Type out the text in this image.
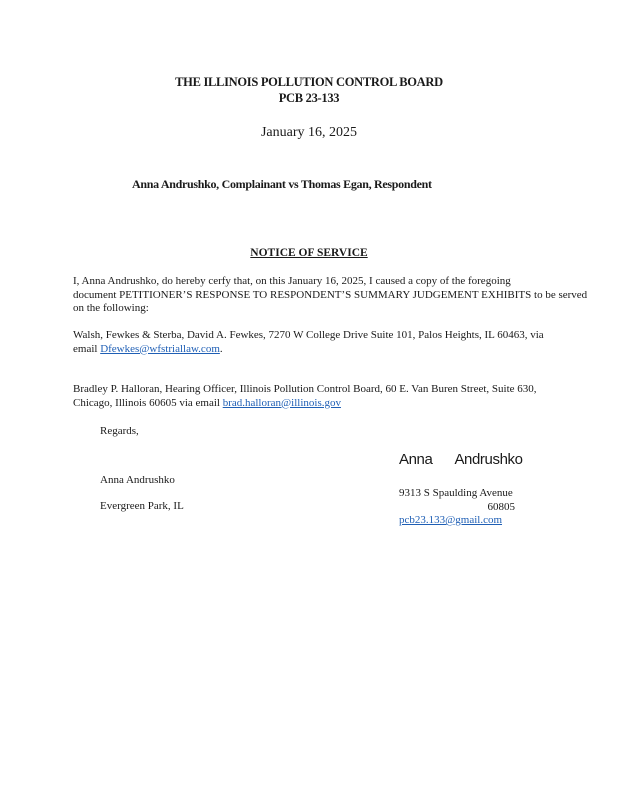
THE ILLINOIS POLLUTION CONTROL BOARD
PCB 23-133
January 16, 2025
Anna Andrushko, Complainant vs Thomas Egan, Respondent
NOTICE OF SERVICE
I, Anna Andrushko, do hereby cerfy that, on this January 16, 2025, I caused a copy of the foregoing
document PETITIONER’S RESPONSE TO RESPONDENT’S SUMMARY JUDGEMENT EXHIBITS to be served
on the following:
Walsh, Fewkes & Sterba, David A. Fewkes, 7270 W College Drive Suite 101, Palos Heights, IL 60463, via
email Dfewkes@wfstriallaw.com.
Bradley P. Halloran, Hearing Officer, Illinois Pollution Control Board, 60 E. Van Buren Street, Suite 630,
Chicago, Illinois 60605 via email brad.halloran@illinois.gov
Regards,
Anna Andrushko
Anna Andrushko
Evergreen Park, IL
9313 S Spaulding Avenue
60805
pcb23.133@gmail.com
